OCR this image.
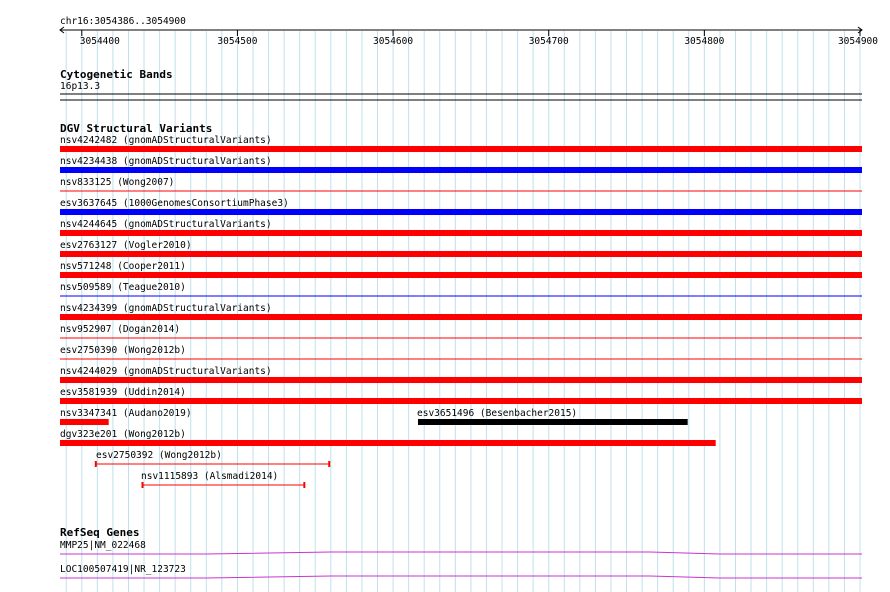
chr16:3054386..3054900
3054400	3054500	3054600	3054700	3054800	3054900
Cytogenetic Bands
16p13.3
DGV Structural Variants
nsv4242482 (gnomADStructuralVariants)
nsv4234438 (gnomADStructuralVariants)
nsv833125 (Wong2007)
esv3637645 (1000GenomesConsortiumPhase3)
nsv4244645 (gnomADStructuralVariants)
esv2763127 (Vogler2010)
nsv571248 (Cooper2011)
nsv509589 (Teague2010)
nsv4234399 (gnomADStructuralVariants)
nsv952907 (Dogan2014)
esv2750390 (Wong2012b)
nsv4244029 (gnomADStructuralVariants)
esv3581939 (Uddin2014)
nsv3347341 (Audano2019)	esv3651496 (Besenbacher2015)
dgv323e201 (Wong2012b)
esv2750392 (Wong2012b)
nsv1115893 (Alsmadi2014)
RefSeq Genes
MMP25|NM_022468
LOC100507419|NR_123723
